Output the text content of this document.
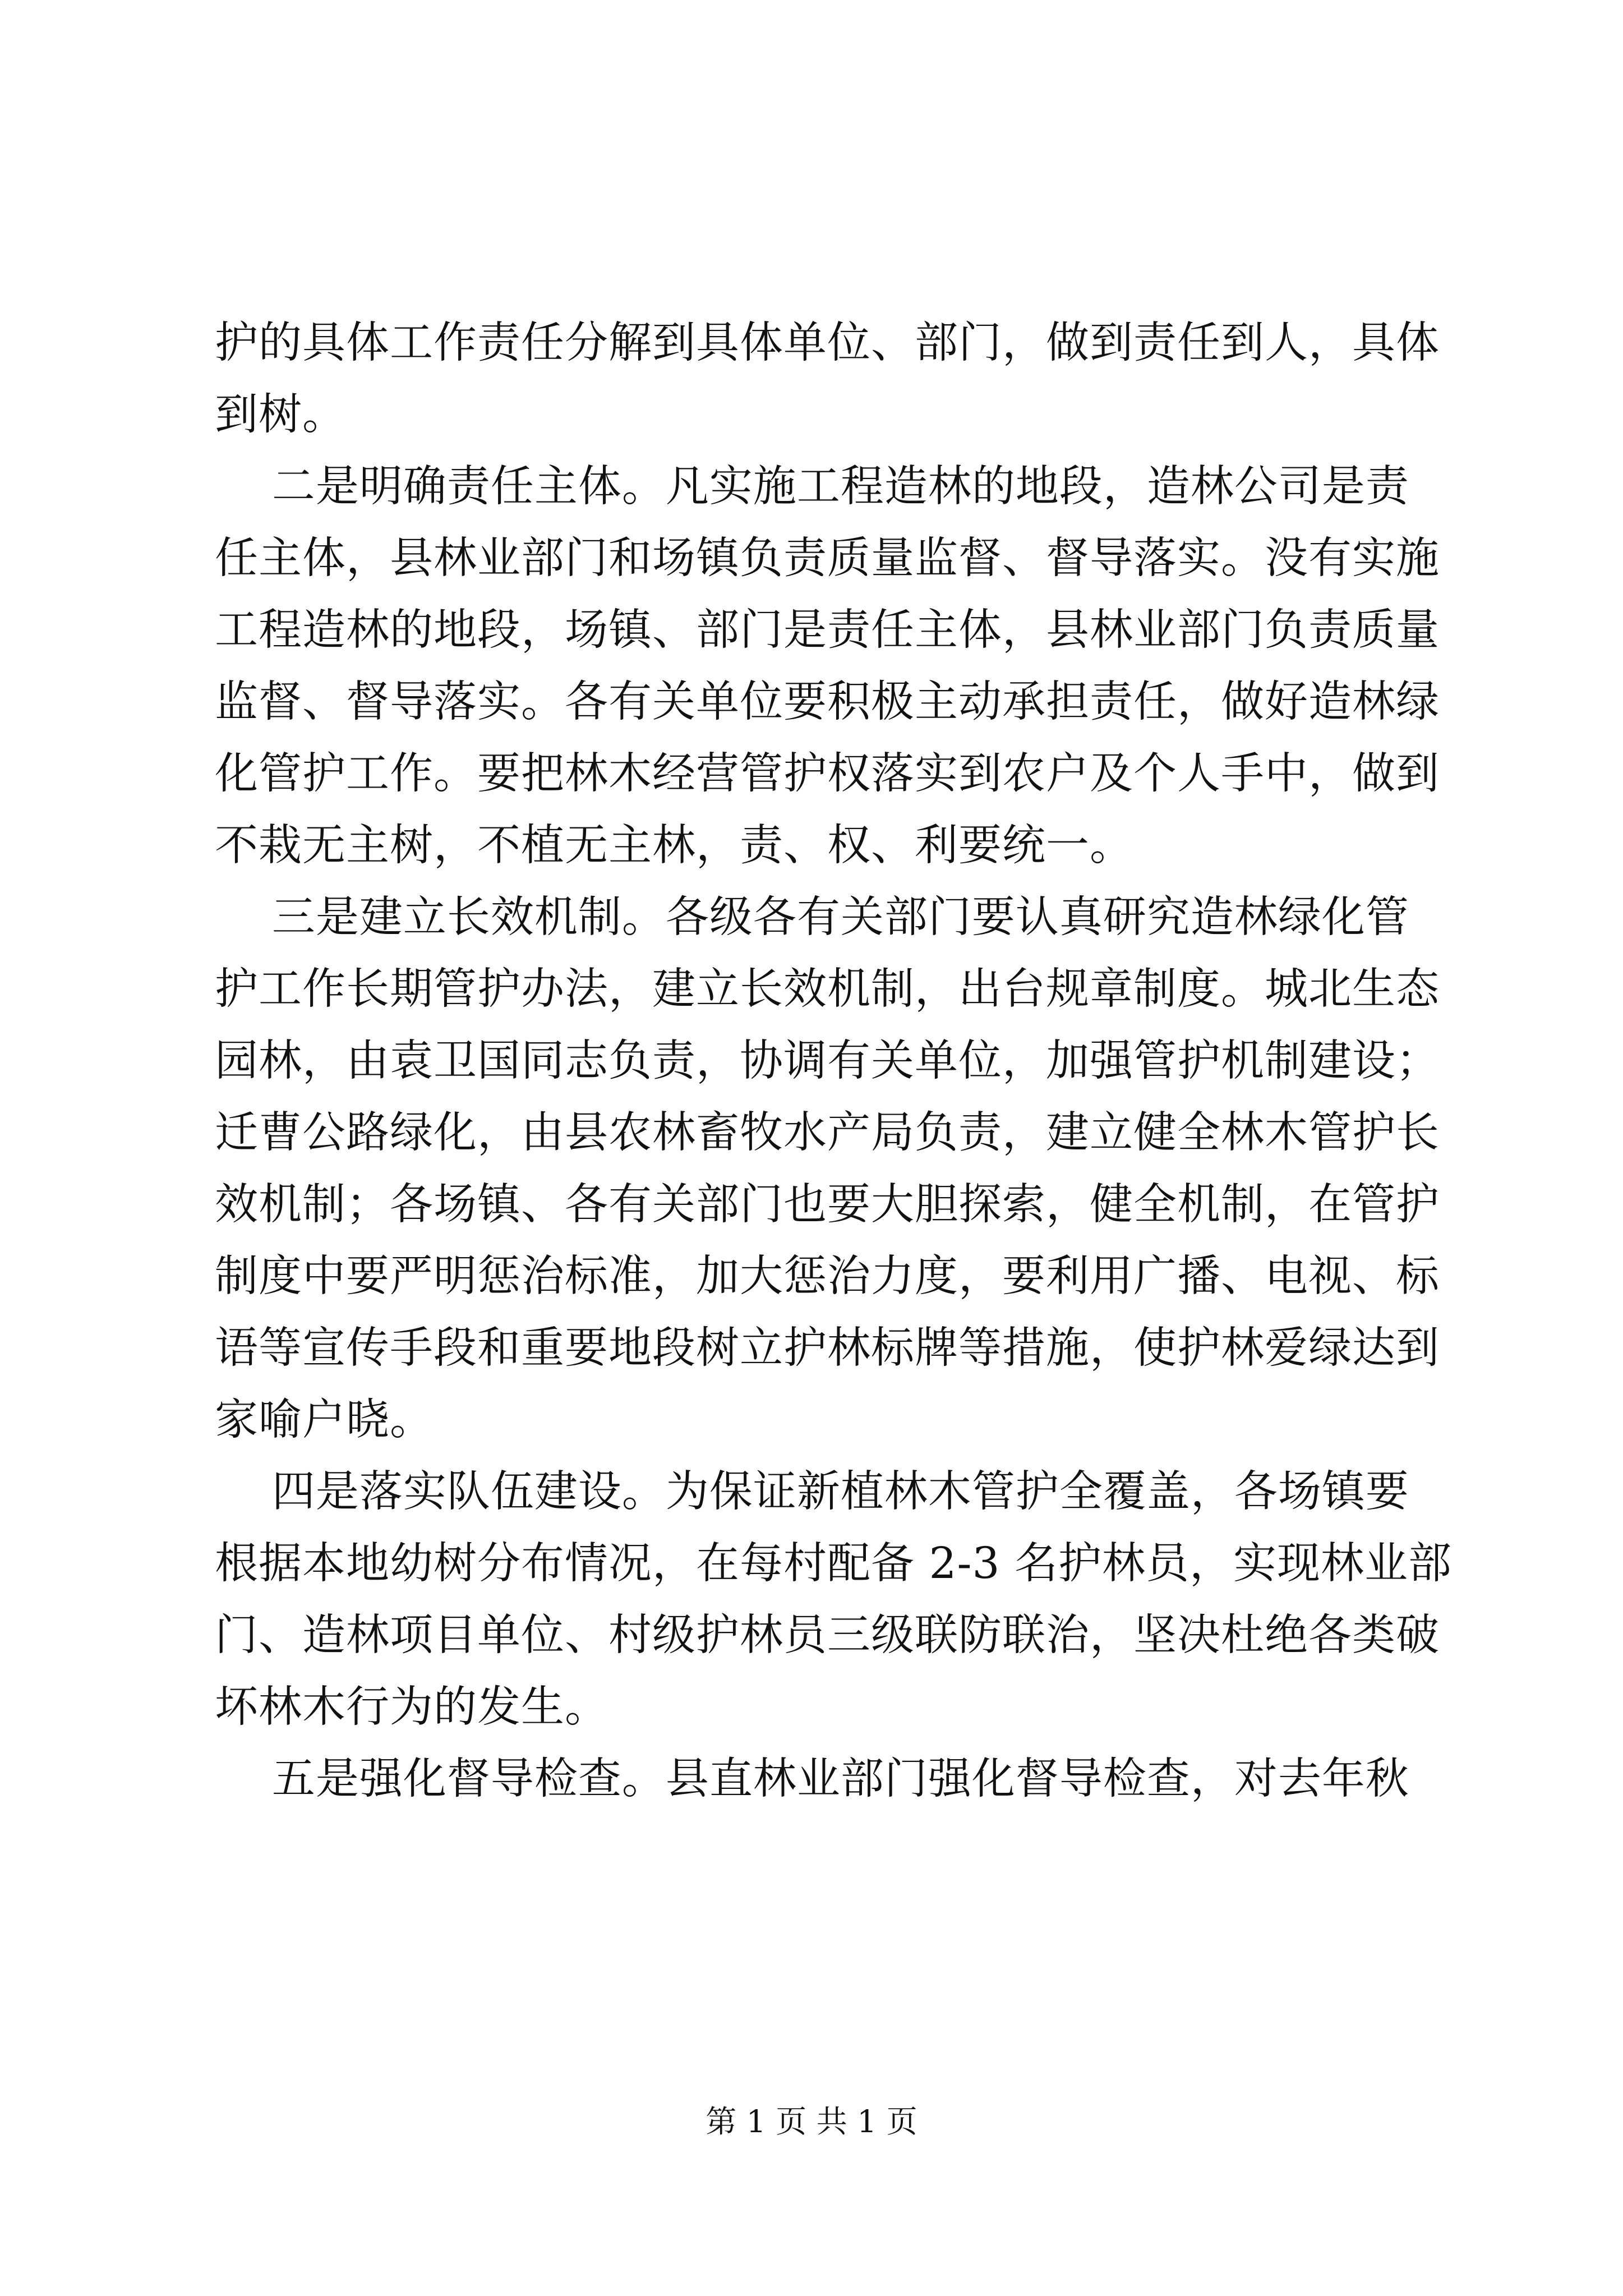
护的具体工作责任分解到具体单位、部门，做到责任到人，具体
到树。
二是明确责任主体。凡实施工程造林的地段，造林公司是责
任主体，县林业部门和场镇负责质量监督、督导落实。没有实施
工程造林的地段，场镇、部门是责任主体，县林业部门负责质量
监督、督导落实。各有关单位要积极主动承担责任，做好造林绿
化管护工作。要把林木经营管护权落实到农户及个人手中，做到
不栽无主树，不植无主林，责、权、利要统一。
三是建立长效机制。各级各有关部门要认真研究造林绿化管
护工作长期管护办法，建立长效机制，出台规章制度。城北生态
园林，由袁卫国同志负责，协调有关单位，加强管护机制建设；
迁曹公路绿化，由县农林畜牧水产局负责，建立健全林木管护长
效机制；各场镇、各有关部门也要大胆探索，健全机制，在管护
制度中要严明惩治标准，加大惩治力度，要利用广播、电视、标
语等宣传手段和重要地段树立护林标牌等措施，使护林爱绿达到
家喻户晓。
四是落实队伍建设。为保证新植林木管护全覆盖，各场镇要
根据本地幼树分布情况，在每村配备 2-3 名护林员，实现林业部
门、造林项目单位、村级护林员三级联防联治，坚决杜绝各类破
坏林木行为的发生。
五是强化督导检查。县直林业部门强化督导检查，对去年秋
第 1 页 共 1 页
